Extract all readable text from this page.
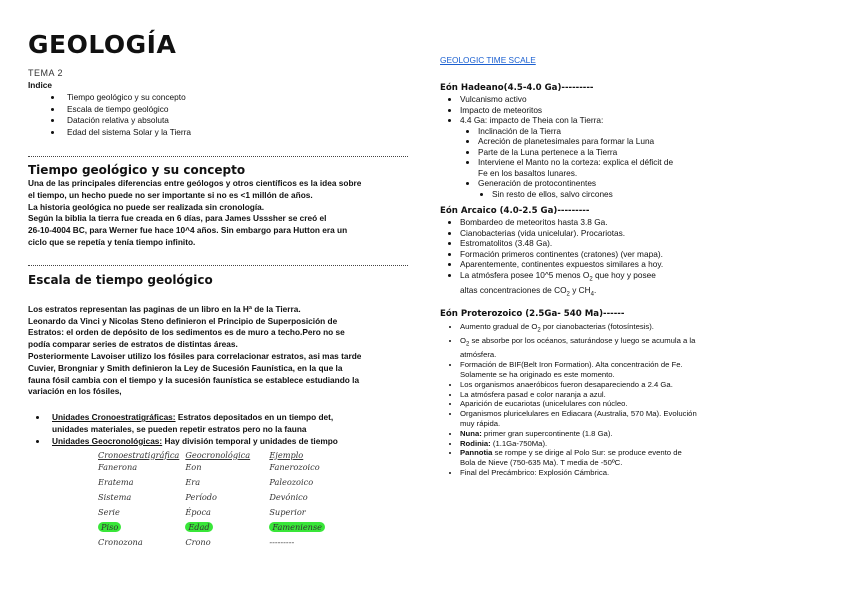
GEOLOGÍA
TEMA 2
Indice
• Tiempo geológico y su concepto
• Escala de tiempo geológico
• Datación relativa y absoluta
• Edad del sistema Solar y la Tierra
Tiempo geológico y su concepto

Una de las principales diferencias entre geólogos y otros científicos es la idea sobre

el tiempo, un hecho puede no ser importante si no es <1 millón de años.

La historia geológica no puede ser realizada sin cronología.

Según la biblia la tierra fue creada en 6 días, para James Usssher se creó el

26-10-4004 BC, para Werner fue hace 10^4 años. Sin embargo para Hutton era un

ciclo que se repetía y tenía tiempo infinito.

Escala de tiempo geológico

Los estratos representan las paginas de un libro en la Hª de la Tierra.

Leonardo da Vinci y Nicolas Steno definieron el Principio de Superposición de

Estratos: el orden de depósito de los sedimentos es de muro a techo.Pero no se

podía comparar series de estratos de distintas áreas.

Posteriormente Lavoiser utilizo los fósiles para correlacionar estratos, asi mas tarde

Cuvier, Brongniar y Smith definieron la Ley de Sucesión Faunística, en la que la

fauna fósil cambia con el tiempo y la sucesión faunística se establece estudiando la

variación en los fósiles,

• Unidades Cronoestratigráficas: Estratos depositados en un tiempo det,
unidades materiales, se pueden repetir estratos pero no la fauna
• Unidades Geocronológicas: Hay división temporal y unidades de tiempo
Cronoestratigráfica	Geocronológica	Ejemplo
Fanerona	Eon	Fanerozoico
Eratema	Era	Paleozoico
Sistema	Período	Devónico
Serie	Época	Superior
Piso	Edad	Fameniense
Cronozona	Crono	---------
GEOLOGIC TIME SCALE
Eón Hadeano(4.5-4.0 Ga)---------
• Vulcanismo activo
• Impacto de meteoritos
• 4.4 Ga: impacto de Theia con la Tierra:
• Inclinación de la Tierra
• Acreción de planetesimales para formar la Luna
• Parte de la Luna pertenece a la Tierra
• Interviene el Manto no la corteza: explica el déficit de
Fe en los basaltos lunares.
• Generación de protocontinentes
• Sin resto de ellos, salvo circones
Eón Arcaico (4.0-2.5 Ga)---------
• Bombardeo de meteoritos hasta 3.8 Ga.
• Cianobacterias (vida unicelular). Procariotas.
• Estromatolitos (3.48 Ga).
• Formación primeros continentes (cratones) (ver mapa).
• Aparentemente, continentes expuestos similares a hoy.
• La atmósfera posee 10^5 menos $O_2$ que hoy y posee
altas concentraciones de $CO_2$ y $CH_4$.
Eón Proterozoico (2.5Ga- 540 Ma)------
• Aumento gradual de $O_2$ por cianobacterias (fotosíntesis).
• $O_2$ se absorbe por los océanos, saturándose y luego se acumula a la
atmósfera.
• Formación de BIF(Belt Iron Formation). Alta concentración de Fe.
Solamente se ha originado es este momento.
• Los organismos anaeróbicos fueron desapareciendo a 2.4 Ga.
• La atmósfera pasad e color naranja a azul.
• Aparición de eucariotas (unicelulares con núcleo.
• Organismos pluricelulares en Ediacara (Australia, 570 Ma). Evolución
muy rápida.
• Nuna: primer gran supercontinente (1.8 Ga).
• Rodinia: (1.1Ga-750Ma).
• Pannotia se rompe y se dirige al Polo Sur: se produce evento de
Bola de Nieve (750-635 Ma). T media de -50ºC.
• Final del Precámbrico: Explosión Cámbrica.
